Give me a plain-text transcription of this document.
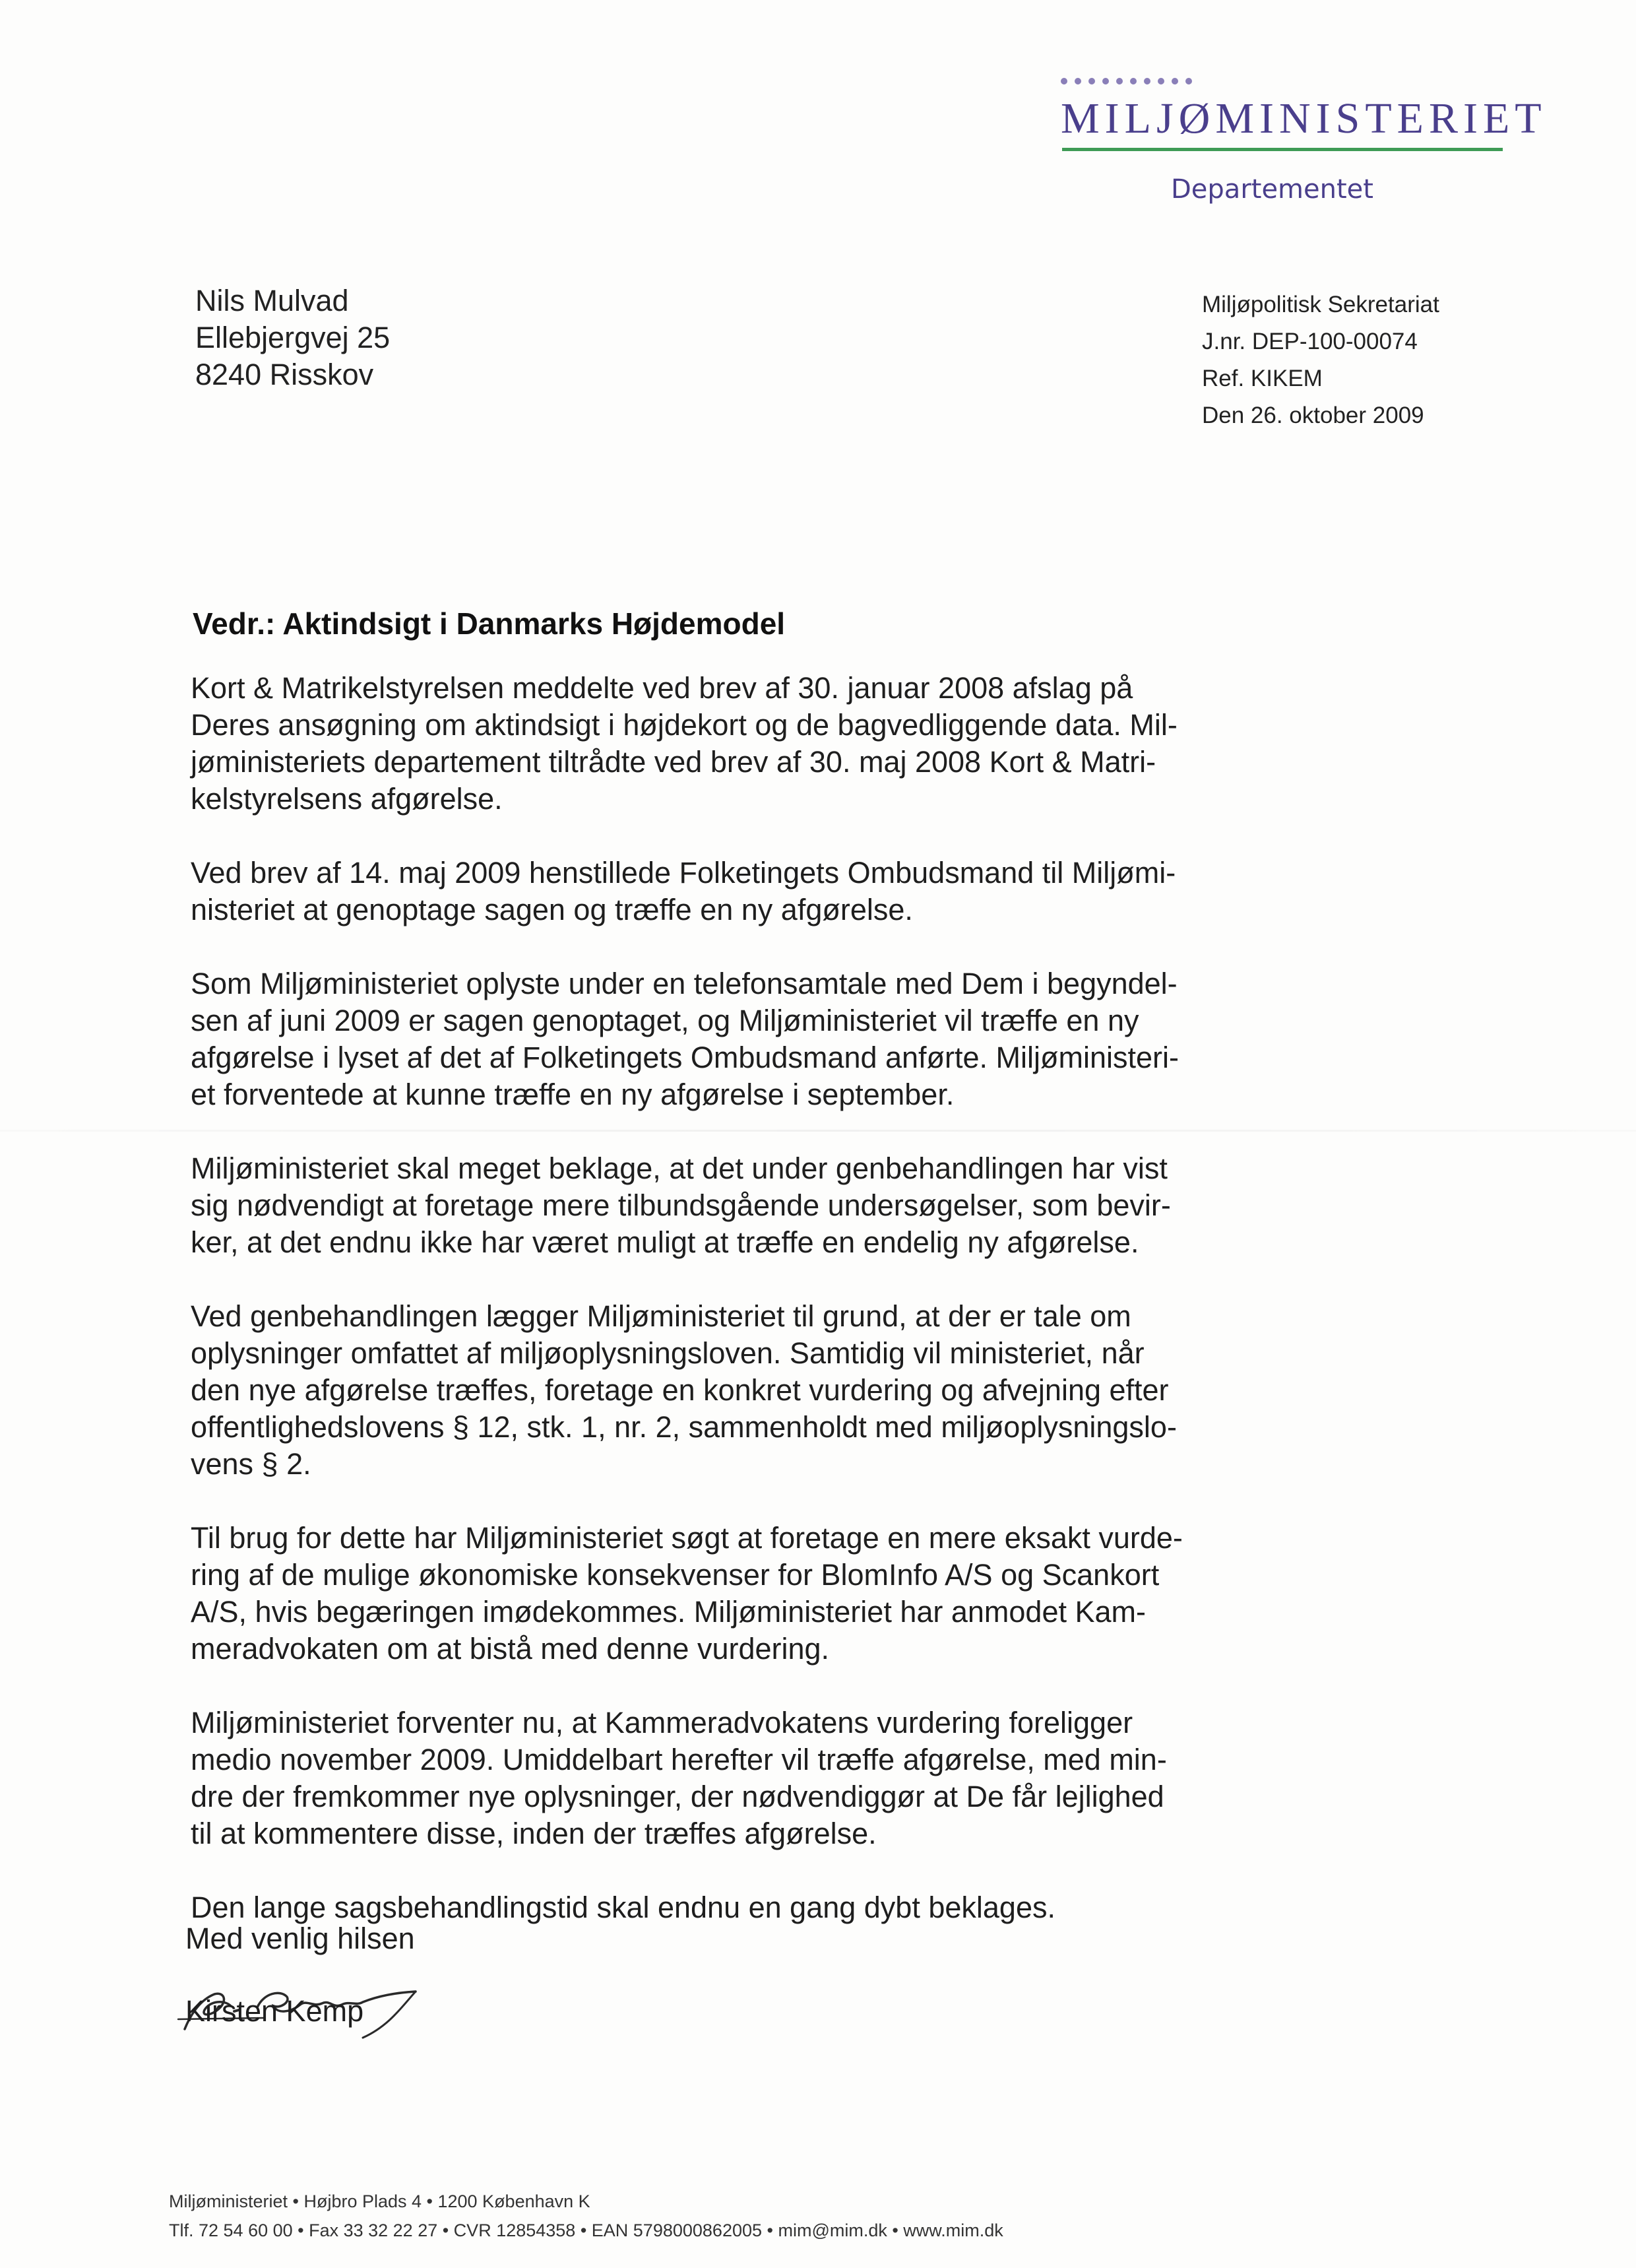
MILJØMINISTERIET
Departementet
Nils Mulvad
Ellebjergvej 25
8240 Risskov
Miljøpolitisk Sekretariat
J.nr. DEP-100-00074
Ref. KIKEM
Den 26. oktober 2009
Vedr.: Aktindsigt i Danmarks Højdemodel
Kort & Matrikelstyrelsen meddelte ved brev af 30. januar 2008 afslag på
Deres ansøgning om aktindsigt i højdekort og de bagvedliggende data. Mil-
jøministeriets departement tiltrådte ved brev af 30. maj 2008 Kort & Matri-
kelstyrelsens afgørelse.
Ved brev af 14. maj 2009 henstillede Folketingets Ombudsmand til Miljømi-
nisteriet at genoptage sagen og træffe en ny afgørelse.
Som Miljøministeriet oplyste under en telefonsamtale med Dem i begyndel-
sen af juni 2009 er sagen genoptaget, og Miljøministeriet vil træffe en ny
afgørelse i lyset af det af Folketingets Ombudsmand anførte. Miljøministeri-
et forventede at kunne træffe en ny afgørelse i september.
Miljøministeriet skal meget beklage, at det under genbehandlingen har vist
sig nødvendigt at foretage mere tilbundsgående undersøgelser, som bevir-
ker, at det endnu ikke har været muligt at træffe en endelig ny afgørelse.
Ved genbehandlingen lægger Miljøministeriet til grund, at der er tale om
oplysninger omfattet af miljøoplysningsloven. Samtidig vil ministeriet, når
den nye afgørelse træffes, foretage en konkret vurdering og afvejning efter
offentlighedslovens § 12, stk. 1, nr. 2, sammenholdt med miljøoplysningslo-
vens § 2.
Til brug for dette har Miljøministeriet søgt at foretage en mere eksakt vurde-
ring af de mulige økonomiske konsekvenser for BlomInfo A/S og Scankort
A/S, hvis begæringen imødekommes. Miljøministeriet har anmodet Kam-
meradvokaten om at bistå med denne vurdering.
Miljøministeriet forventer nu, at Kammeradvokatens vurdering foreligger
medio november 2009. Umiddelbart herefter vil træffe afgørelse, med min-
dre der fremkommer nye oplysninger, der nødvendiggør at De får lejlighed
til at kommentere disse, inden der træffes afgørelse.
Den lange sagsbehandlingstid skal endnu en gang dybt beklages.
Med venlig hilsen
Kirsten Kemp
Miljøministeriet • Højbro Plads 4 • 1200 København K
Tlf. 72 54 60 00 • Fax 33 32 22 27 • CVR 12854358 • EAN 5798000862005 • mim@mim.dk • www.mim.dk
